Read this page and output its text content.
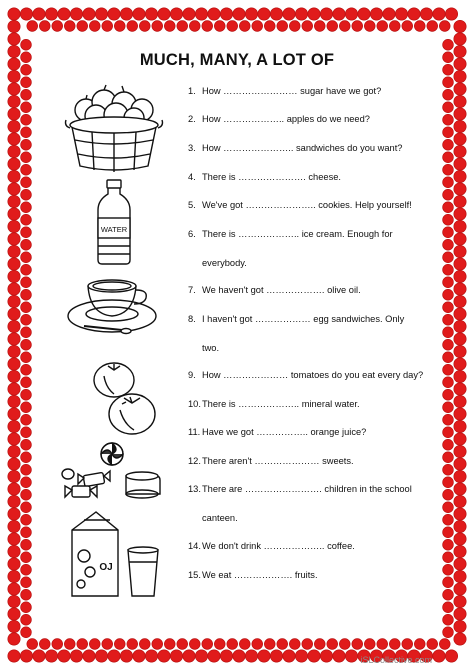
MUCH, MANY, A LOT OF
1. How …………………… sugar have we got?
2. How ……………….. apples do we need?
3. How ………………….. sandwiches do you want?
4. There is …………………. cheese.
5. We've got ………………….. cookies. Help yourself!
6. There is ……………….. ice cream. Enough for
everybody.
7. We haven't got ………………. olive oil.
8. I haven't got ……………… egg sandwiches. Only
two.
9. How ………………… tomatoes do you eat every day?
10.There is ……………….. mineral water.
11. Have we got …………….. orange juice?
12.There aren't ………………… sweets.
13.There are ……………………. children in the school
canteen.
14.We don't drink ……………….. coffee.
15.We eat ………………. fruits.
WATER
OJ
iSLCollective.com
